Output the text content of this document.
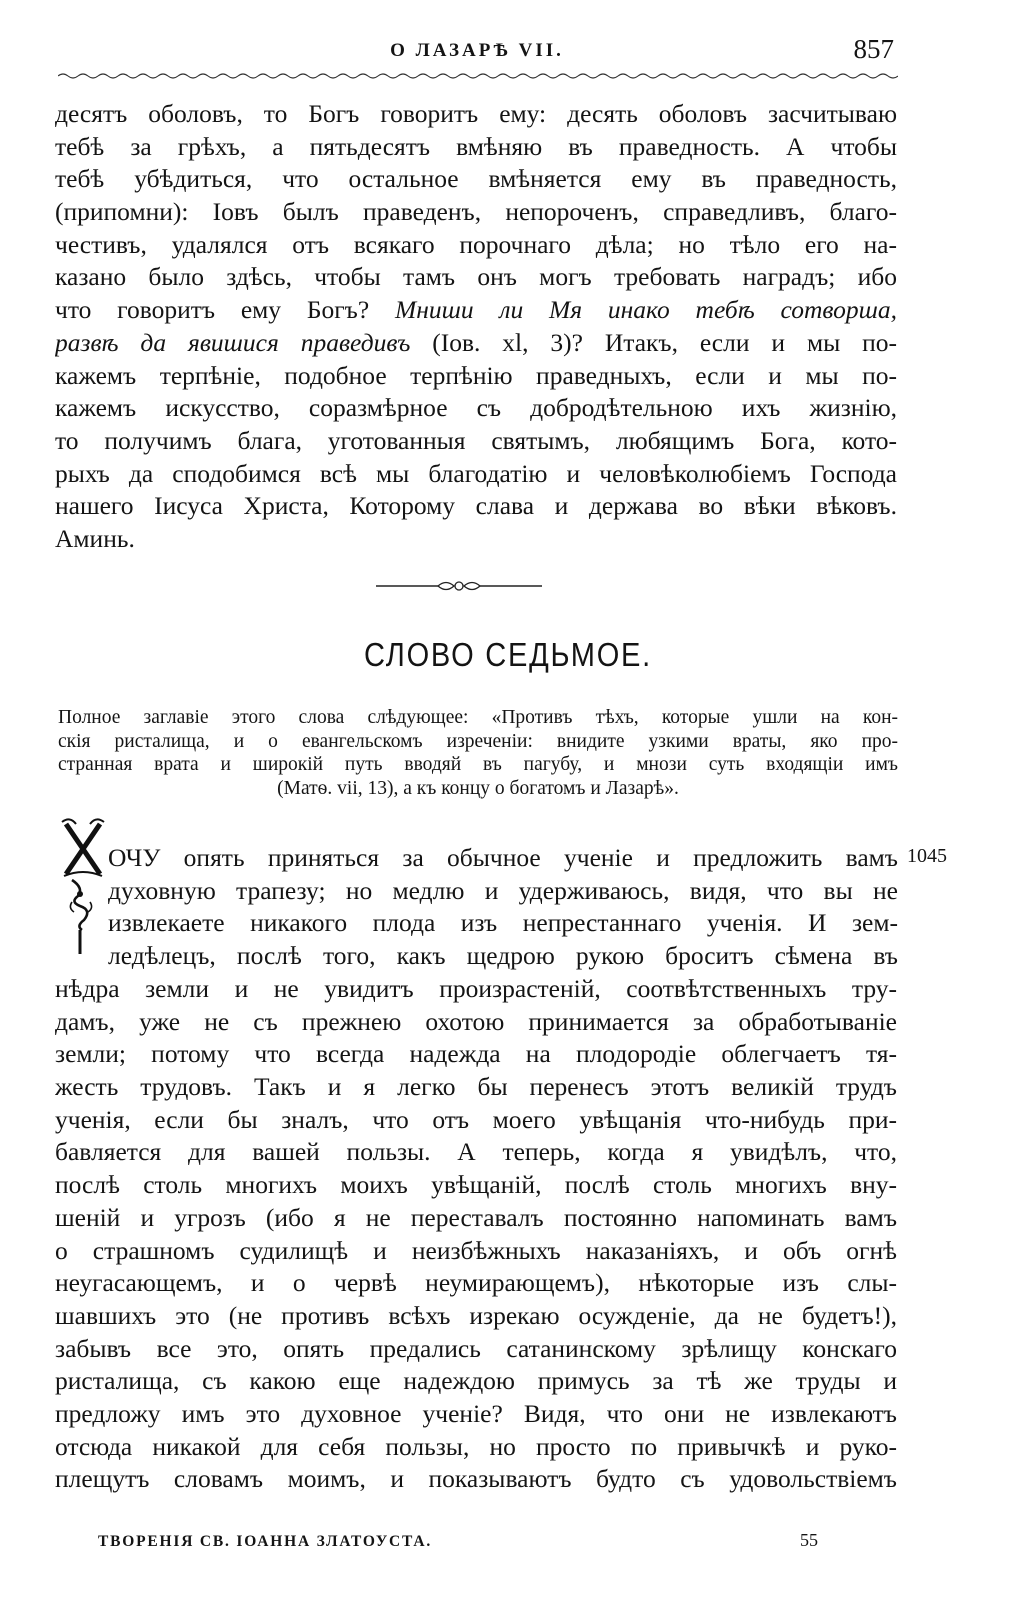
О ЛАЗАРѢ VII.	857
десятъ оболовъ, то Богъ говоритъ ему: десять оболовъ засчитываю
тебѣ за грѣхъ, а пятьдесятъ вмѣняю въ праведность. А чтобы
тебѣ убѣдиться, что остальное вмѣняется ему въ праведность,
(припомни): Іовъ былъ праведенъ, непороченъ, справедливъ, благо-
честивъ, удалялся отъ всякаго порочнаго дѣла; но тѣло его на-
казано было здѣсь, чтобы тамъ онъ могъ требовать наградъ; ибо
что говоритъ ему Богъ? Мниши ли Мя инако тебѣ сотворша,
развѣ да явишися праведивъ (Іов. xl, 3)? Итакъ, если и мы по-
кажемъ терпѣніе, подобное терпѣнію праведныхъ, если и мы по-
кажемъ искусство, соразмѣрное съ добродѣтельною ихъ жизнію,
то получимъ блага, уготованныя святымъ, любящимъ Бога, кото-
рыхъ да сподобимся всѣ мы благодатію и человѣколюбіемъ Господа
нашего Іисуса Христа, Которому слава и держава во вѣки вѣковъ.
Аминь.
СЛОВО СЕДЬМОЕ.
Полное заглавіе этого слова слѣдующее: «Противъ тѣхъ, которые ушли на кон-
скія ристалища, и о евангельскомъ изреченіи: внидите узкими враты, яко про-
странная врата и широкій путь вводяй въ пагубу, и мнози суть входящіи имъ
(Матѳ. vii, 13), а къ концу о богатомъ и Лазарѣ».
ОЧУ опять приняться за обычное ученіе и предложить вамъ
духовную трапезу; но медлю и удерживаюсь, видя, что вы не
извлекаете никакого плода изъ непрестаннаго ученія. И зем-
ледѣлецъ, послѣ того, какъ щедрою рукою броситъ сѣмена въ
1045
нѣдра земли и не увидитъ произрастеній, соотвѣтственныхъ тру-
дамъ, уже не съ прежнею охотою принимается за обработываніе
земли; потому что всегда надежда на плодородіе облегчаетъ тя-
жесть трудовъ. Такъ и я легко бы перенесъ этотъ великій трудъ
ученія, если бы зналъ, что отъ моего увѣщанія что-нибудь при-
бавляется для вашей пользы. А теперь, когда я увидѣлъ, что,
послѣ столь многихъ моихъ увѣщаній, послѣ столь многихъ вну-
шеній и угрозъ (ибо я не переставалъ постоянно напоминать вамъ
о страшномъ судилищѣ и неизбѣжныхъ наказаніяхъ, и объ огнѣ
неугасающемъ, и о червѣ неумирающемъ), нѣкоторые изъ слы-
шавшихъ это (не противъ всѣхъ изрекаю осужденіе, да не будетъ!),
забывъ все это, опять предались сатанинскому зрѣлищу конскаго
ристалища, съ какою еще надеждою примусь за тѣ же труды и
предложу имъ это духовное ученіе? Видя, что они не извлекаютъ
отсюда никакой для себя пользы, но просто по привычкѣ и руко-
плещутъ словамъ моимъ, и показываютъ будто съ удовольствіемъ
ТВОРЕНІЯ СВ. ІОАННА ЗЛАТОУСТА.	55
